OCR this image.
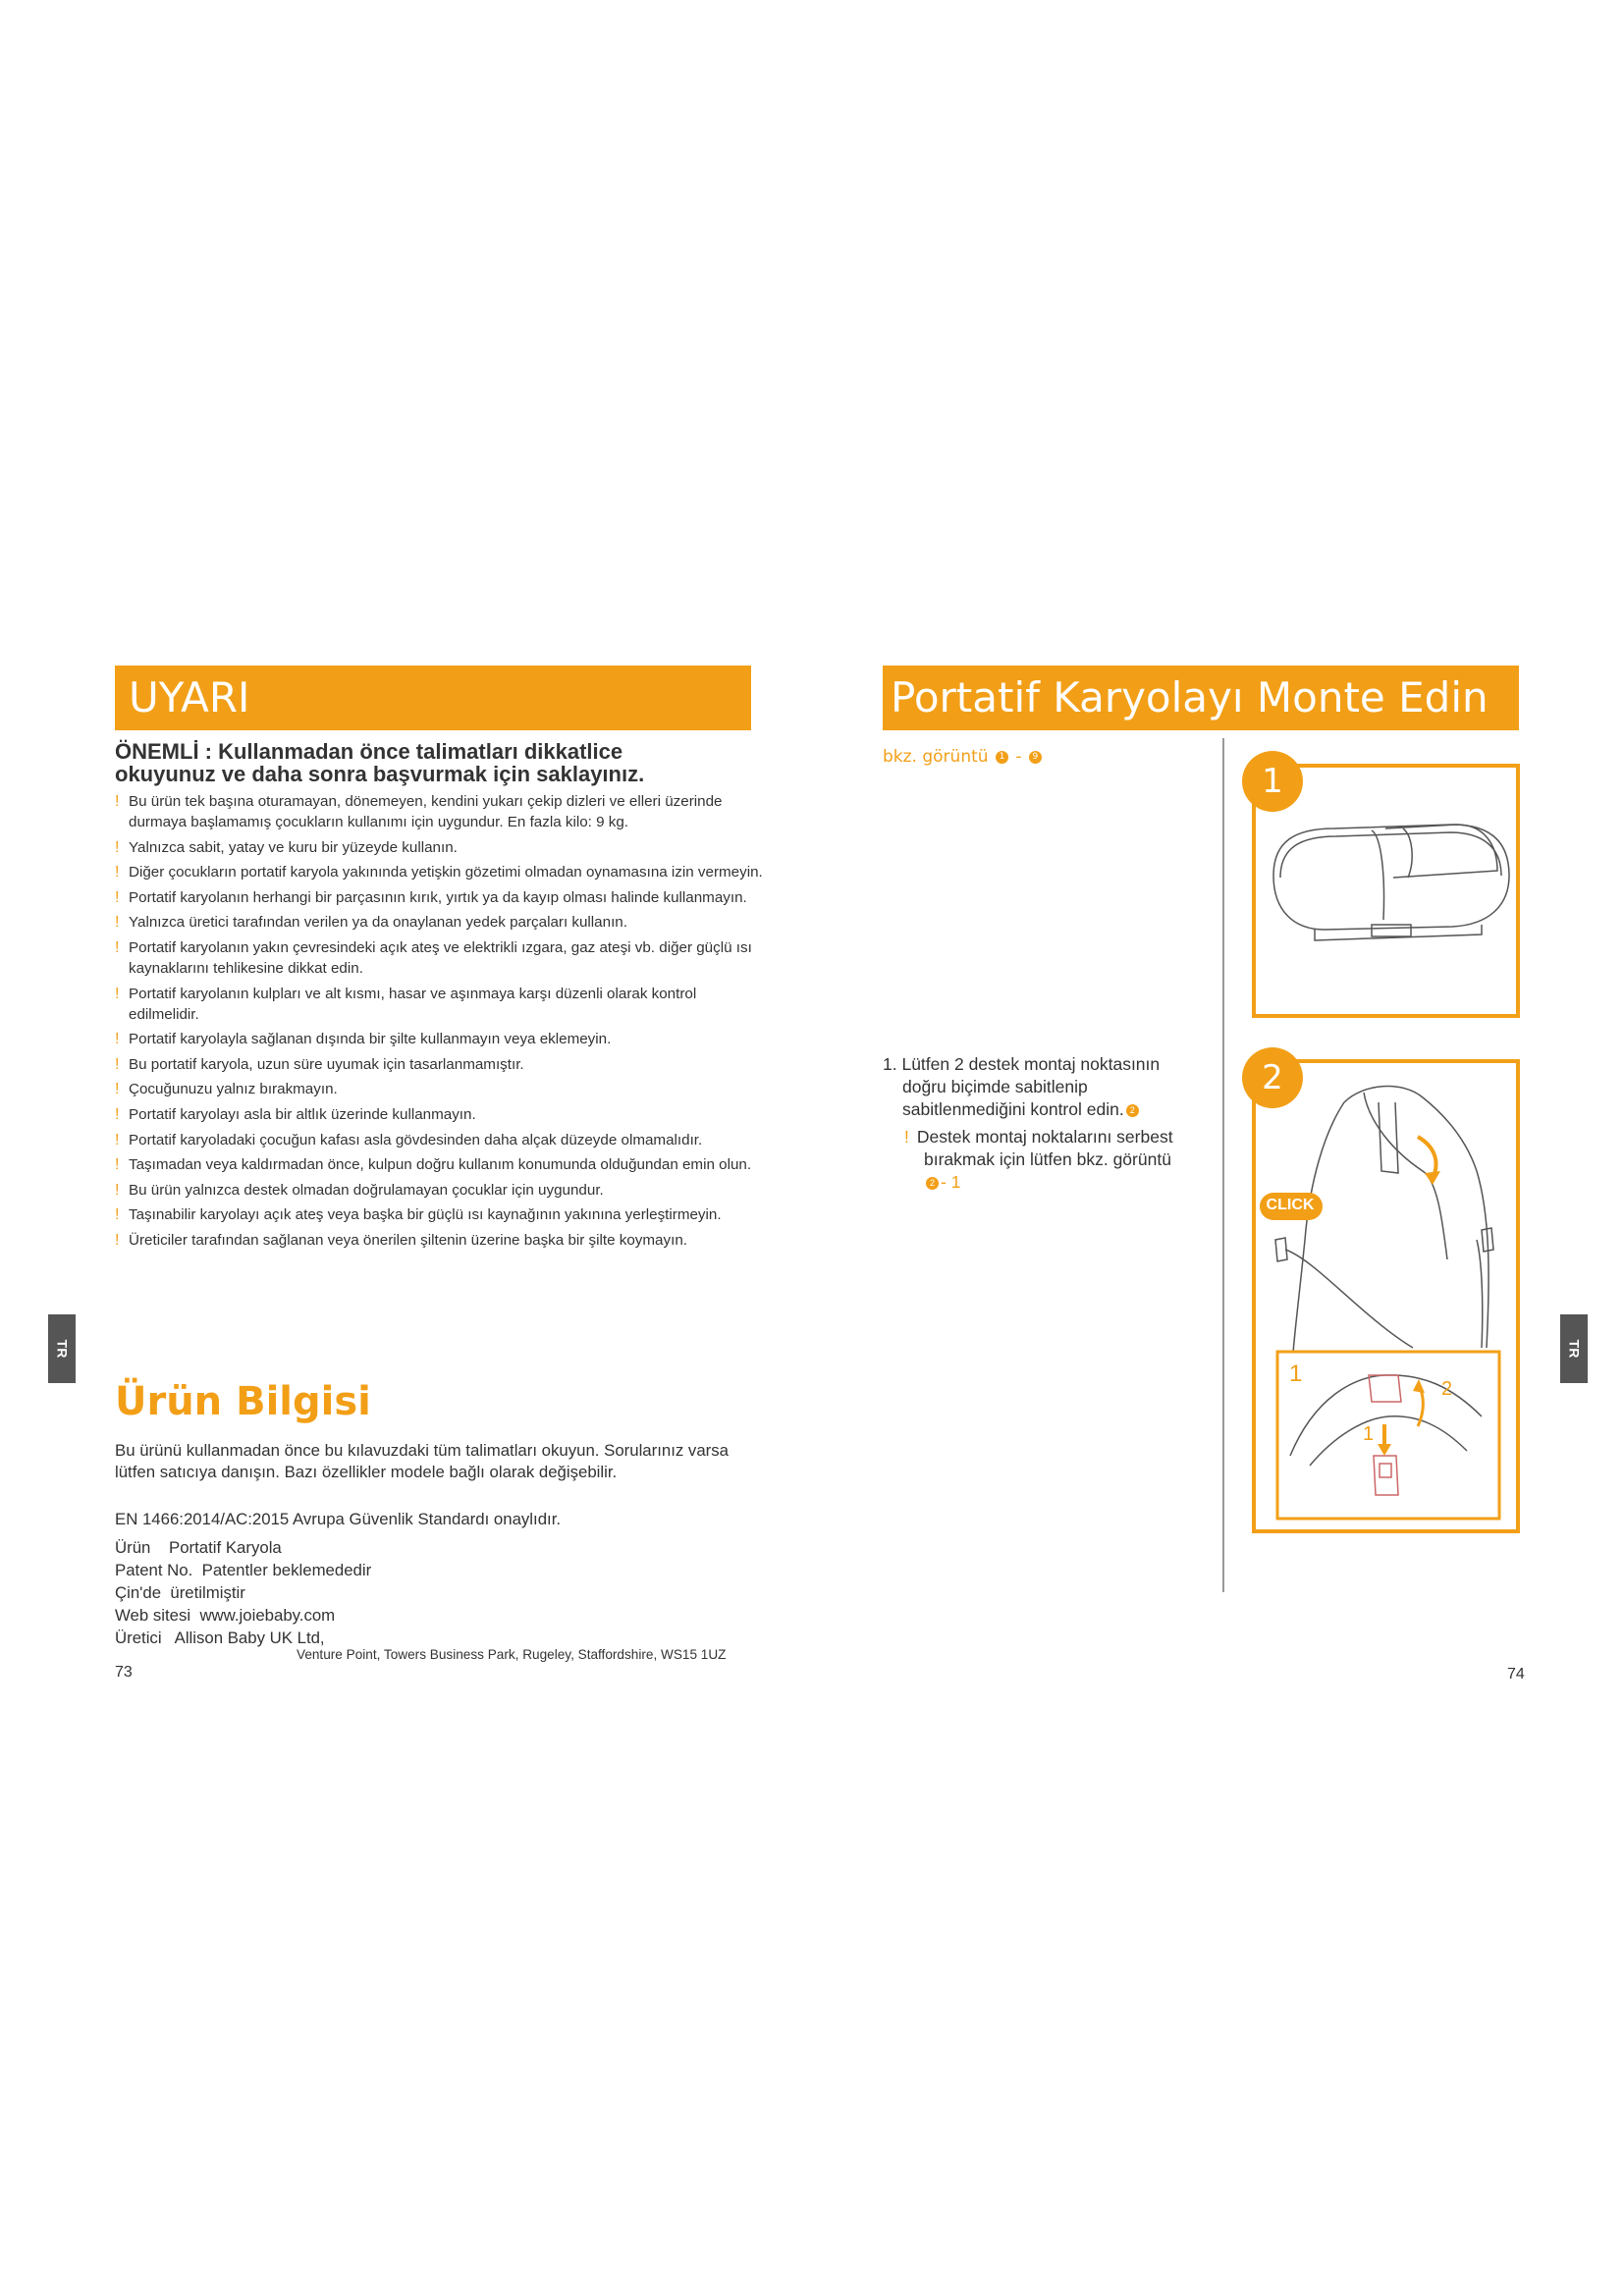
UYARI
ÖNEMLİ : Kullanmadan önce talimatları dikkatlice
okuyunuz ve daha sonra başvurmak için saklayınız.
! Bu ürün tek başına oturamayan, dönemeyen, kendini yukarı çekip dizleri ve elleri üzerinde durmaya başlamamış çocukların kullanımı için uygundur. En fazla kilo: 9 kg.
! Yalnızca sabit, yatay ve kuru bir yüzeyde kullanın.
! Diğer çocukların portatif karyola yakınında yetişkin gözetimi olmadan oynamasına izin vermeyin.
! Portatif karyolanın herhangi bir parçasının kırık, yırtık ya da kayıp olması halinde kullanmayın.
! Yalnızca üretici tarafından verilen ya da onaylanan yedek parçaları kullanın.
! Portatif karyolanın yakın çevresindeki açık ateş ve elektrikli ızgara, gaz ateşi vb. diğer güçlü ısı kaynaklarını tehlikesine dikkat edin.
! Portatif karyolanın kulpları ve alt kısmı, hasar ve aşınmaya karşı düzenli olarak kontrol edilmelidir.
! Portatif karyolayla sağlanan dışında bir şilte kullanmayın veya eklemeyin.
! Bu portatif karyola, uzun süre uyumak için tasarlanmamıştır.
! Çocuğunuzu yalnız bırakmayın.
! Portatif karyolayı asla bir altlık üzerinde kullanmayın.
! Portatif karyoladaki çocuğun kafası asla gövdesinden daha alçak düzeyde olmamalıdır.
! Taşımadan veya kaldırmadan önce, kulpun doğru kullanım konumunda olduğundan emin olun.
! Bu ürün yalnızca destek olmadan doğrulamayan çocuklar için uygundur.
! Taşınabilir karyolayı açık ateş veya başka bir güçlü ısı kaynağının yakınına yerleştirmeyin.
! Üreticiler tarafından sağlanan veya önerilen şiltenin üzerine başka bir şilte koymayın.
Ürün Bilgisi
Bu ürünü kullanmadan önce bu kılavuzdaki tüm talimatları okuyun. Sorularınız varsa lütfen satıcıya danışın. Bazı özellikler modele bağlı olarak değişebilir.
EN 1466:2014/AC:2015 Avrupa Güvenlik Standardı onaylıdır.
Ürün Portatif Karyola
Patent No. Patentler beklemededir
Çin'de üretilmiştir
Web sitesi www.joiebaby.com
Üretici Allison Baby UK Ltd,
73
Venture Point, Towers Business Park, Rugeley, Staffordshire, WS15 1UZ
TR
Portatif Karyolayı Monte Edin
bkz. görüntü 1 - 9
1. Lütfen 2 destek montaj noktasının
doğru biçimde sabitlenip
sabitlenmediğini kontrol edin. 2
! Destek montaj noktalarını serbest
bırakmak için lütfen bkz. görüntü
2 - 1
1
CLICK
1
2
1
2
74
TR
